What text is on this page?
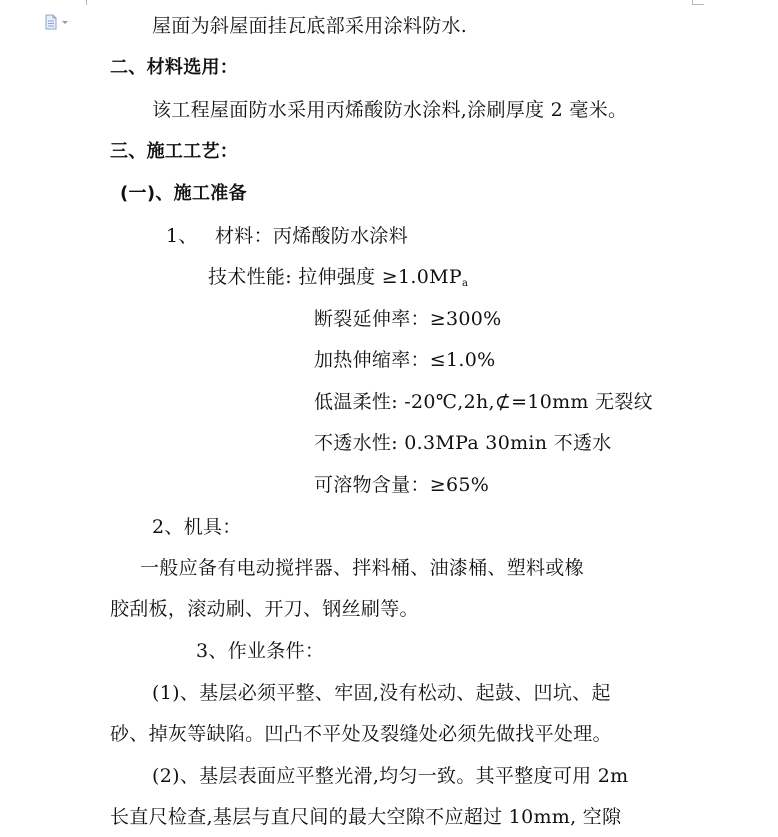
屋面为斜屋面挂瓦底部采用涂料防水.
二、材料选用：
该工程屋面防水采用丙烯酸防水涂料,涂刷厚度 2 毫米。
三、施工工艺：
(一)、施工准备
1、 材料：丙烯酸防水涂料
技术性能: 拉伸强度 $\ge 1.0MP_a$
断裂延伸率：≥300%
加热伸缩率：≤1.0%
低温柔性: -20℃,2h,⊄=10mm 无裂纹
不透水性: 0.3MPa 30min 不透水
可溶物含量：≥65%
2、机具：
一般应备有电动搅拌器、拌料桶、油漆桶、塑料或橡
胶刮板，滚动刷、开刀、钢丝刷等。
3、作业条件：
(1)、基层必须平整、牢固,没有松动、起鼓、凹坑、起
砂、掉灰等缺陷。凹凸不平处及裂缝处必须先做找平处理。
(2)、基层表面应平整光滑,均匀一致。其平整度可用 2m
长直尺检查,基层与直尺间的最大空隙不应超过 10mm, 空隙
